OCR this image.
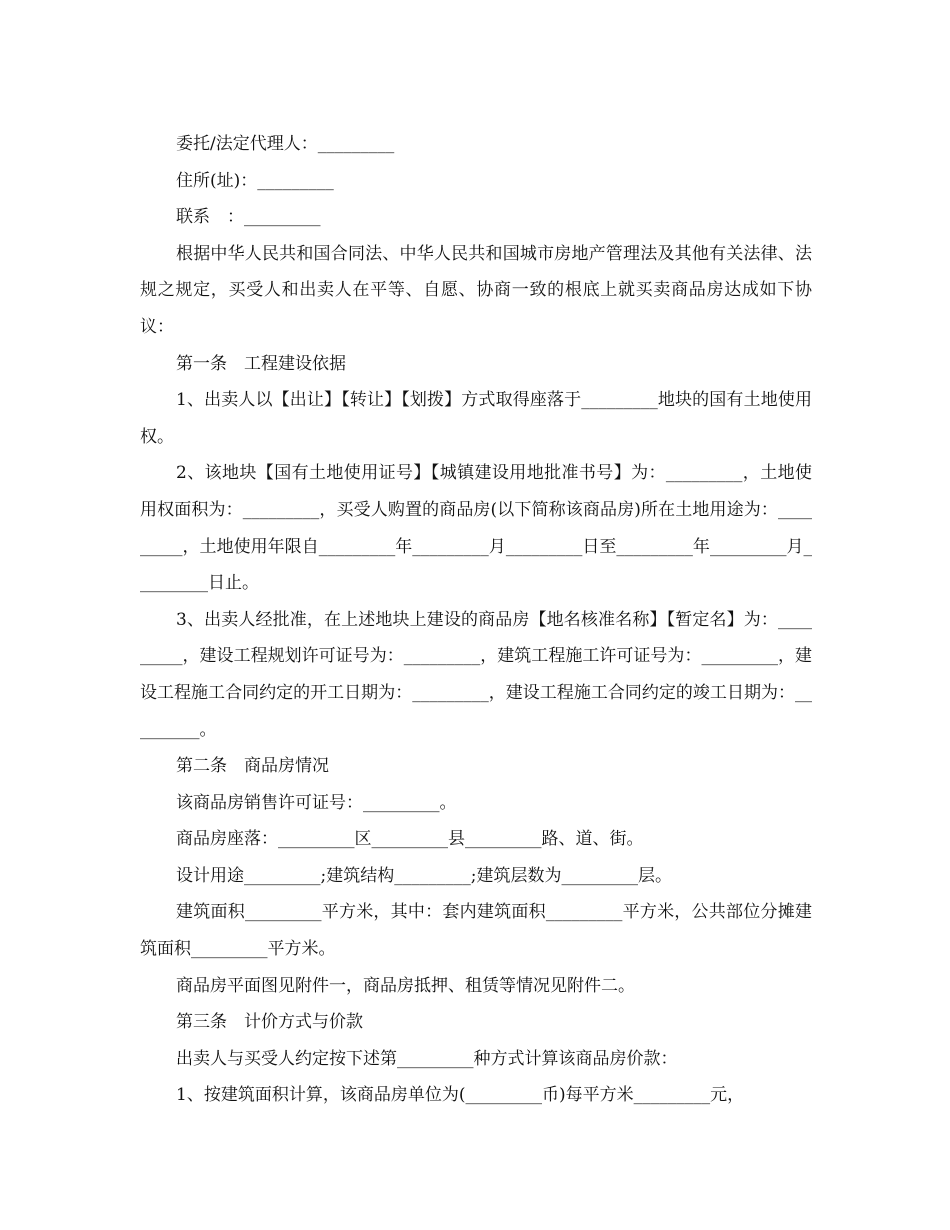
委托/法定代理人：_________

住所(址)：_________

联系　：_________

根据中华人民共和国合同法、中华人民共和国城市房地产管理法及其他有关法律、法规之规定，买受人和出卖人在平等、自愿、协商一致的根底上就买卖商品房达成如下协议：

第一条　工程建设依据

1、出卖人以【出让】【转让】【划拨】方式取得座落于_________地块的国有土地使用权。

2、该地块【国有土地使用证号】【城镇建设用地批准书号】为：_________，土地使用权面积为：_________，买受人购置的商品房(以下简称该商品房)所在土地用途为：_________，土地使用年限自_________年_________月_________日至_________年_________月_________日止。

3、出卖人经批准，在上述地块上建设的商品房【地名核准名称】【暂定名】为：_________，建设工程规划许可证号为：_________，建筑工程施工许可证号为：_________，建设工程施工合同约定的开工日期为：_________，建设工程施工合同约定的竣工日期为：_________。

第二条　商品房情况

该商品房销售许可证号：_________。

商品房座落：_________区_________县_________路、道、街。

设计用途_________;建筑结构_________;建筑层数为_________层。

建筑面积_________平方米，其中：套内建筑面积_________平方米，公共部位分摊建筑面积_________平方米。

商品房平面图见附件一，商品房抵押、租赁等情况见附件二。

第三条　计价方式与价款

出卖人与买受人约定按下述第_________种方式计算该商品房价款：

1、按建筑面积计算，该商品房单位为(_________币)每平方米_________元，
